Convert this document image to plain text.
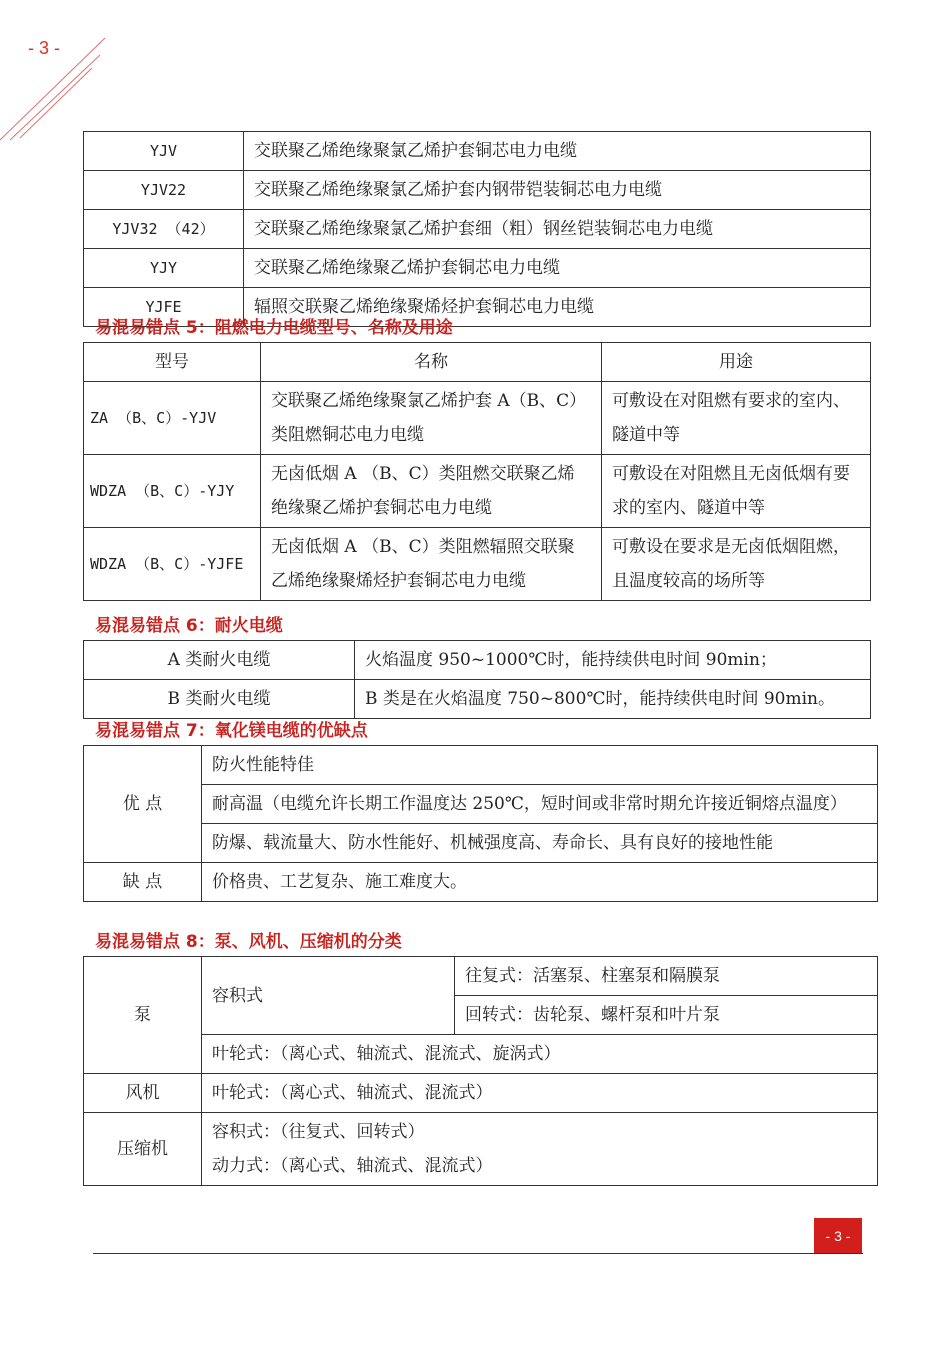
- 3 -
YJV	交联聚乙烯绝缘聚氯乙烯护套铜芯电力电缆
YJV22	交联聚乙烯绝缘聚氯乙烯护套内钢带铠装铜芯电力电缆
YJV32 （42）	交联聚乙烯绝缘聚氯乙烯护套细（粗）钢丝铠装铜芯电力电缆
YJY	交联聚乙烯绝缘聚乙烯护套铜芯电力电缆
YJFE	辐照交联聚乙烯绝缘聚烯烃护套铜芯电力电缆
易混易错点 5：阻燃电力电缆型号、名称及用途
型号	名称	用途
ZA （B、C）-YJV	交联聚乙烯绝缘聚氯乙烯护套 A（B、C）类阻燃铜芯电力电缆	可敷设在对阻燃有要求的室内、隧道中等
WDZA （B、C）-YJY	无卤低烟 A （B、C）类阻燃交联聚乙烯绝缘聚乙烯护套铜芯电力电缆	可敷设在对阻燃且无卤低烟有要求的室内、隧道中等
WDZA （B、C）-YJFE	无卤低烟 A （B、C）类阻燃辐照交联聚乙烯绝缘聚烯烃护套铜芯电力电缆	可敷设在要求是无卤低烟阻燃，且温度较高的场所等
易混易错点 6：耐火电缆
A 类耐火电缆	火焰温度 950~1000℃时，能持续供电时间 90min；
B 类耐火电缆	B 类是在火焰温度 750~800℃时，能持续供电时间 90min。
易混易错点 7：氧化镁电缆的优缺点
优 点	防火性能特佳
	耐高温（电缆允许长期工作温度达 250℃，短时间或非常时期允许接近铜熔点温度）
	防爆、载流量大、防水性能好、机械强度高、寿命长、具有良好的接地性能
缺 点	价格贵、工艺复杂、施工难度大。
易混易错点 8：泵、风机、压缩机的分类
泵	容积式	往复式：活塞泵、柱塞泵和隔膜泵
		回转式：齿轮泵、螺杆泵和叶片泵
	叶轮式：（离心式、轴流式、混流式、旋涡式）	
风机	叶轮式：（离心式、轴流式、混流式）	
压缩机	容积式：（往复式、回转式）
动力式：（离心式、轴流式、混流式）	
- 3 -
